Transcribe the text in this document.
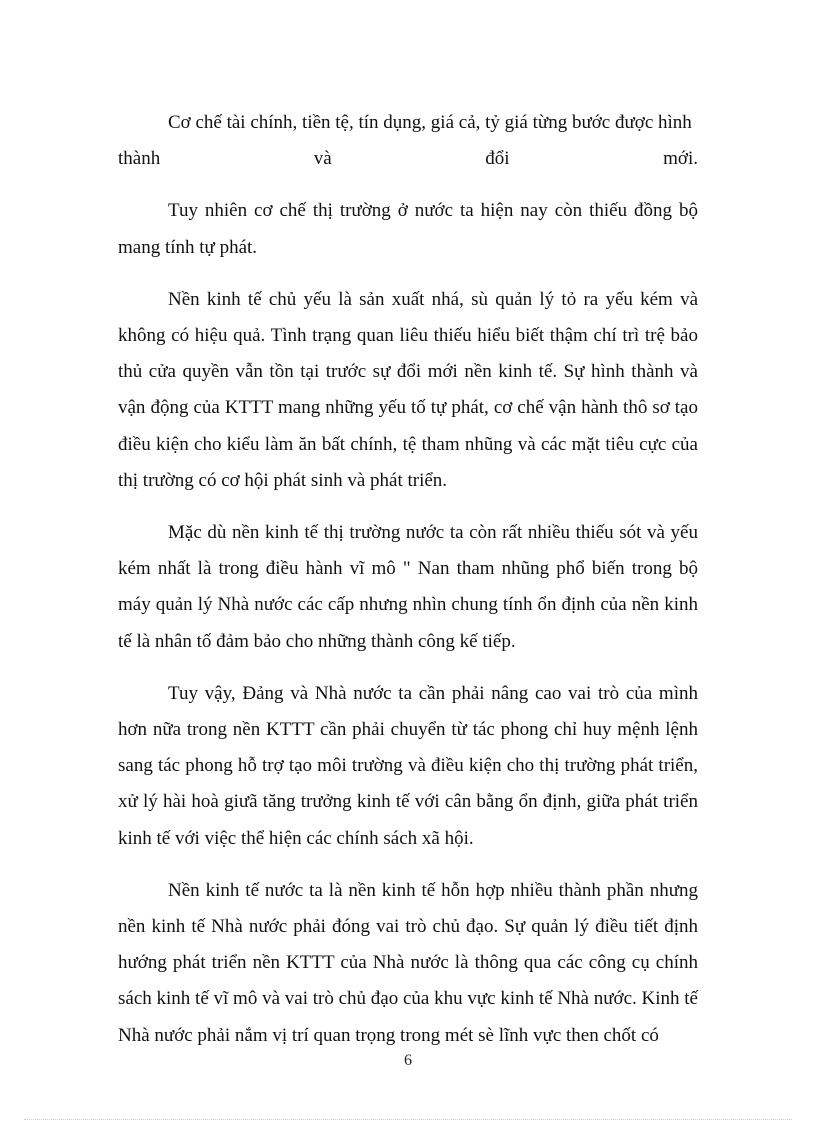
Cơ chế tài chính, tiền tệ, tín dụng, giá cả, tỷ giá từng bước được hình
thành	và	đổi	mới.

Tuy nhiên cơ chế thị trường ở nước ta hiện nay còn thiếu đồng bộ mang tính tự phát.

Nền kinh tế chủ yếu là sản xuất nhá, sù quản lý tỏ ra yếu kém và không có hiệu quả. Tình trạng quan liêu thiếu hiểu biết thậm chí trì trệ bảo thủ cửa quyền vẫn tồn tại trước sự đổi mới nền kinh tế. Sự hình thành và vận động của KTTT mang những yếu tố tự phát, cơ chế vận hành thô sơ tạo điều kiện cho kiểu làm ăn bất chính, tệ tham nhũng và các mặt tiêu cực của thị trường có cơ hội phát sinh và phát triển.

Mặc dù nền kinh tế thị trường nước ta còn rất nhiều thiếu sót và yếu kém nhất là trong điều hành vĩ mô " Nan tham nhũng phổ biến trong bộ máy quản lý Nhà nước các cấp nhưng nhìn chung tính ổn định của nền kinh tế là nhân tố đảm bảo cho những thành công kế tiếp.

Tuy vậy, Đảng và Nhà nước ta cần phải nâng cao vai trò của mình hơn nữa trong nền KTTT cần phải chuyển từ tác phong chỉ huy mệnh lệnh sang tác phong hỗ trợ tạo môi trường và điều kiện cho thị trường phát triển, xử lý hài hoà giưã tăng trưởng kinh tế với cân bằng ổn định, giữa phát triển kinh tế với việc thể hiện các chính sách xã hội.

Nền kinh tế nước ta là nền kinh tế hỗn hợp nhiều thành phần nhưng nền kinh tế Nhà nước phải đóng vai trò chủ đạo. Sự quản lý điều tiết định hướng phát triển nền KTTT của Nhà nước là thông qua các công cụ chính sách kinh tế vĩ mô và vai trò chủ đạo của khu vực kinh tế Nhà nước. Kinh tế Nhà nước phải nắm vị trí quan trọng trong mét sè lĩnh vực then chốt có

6
